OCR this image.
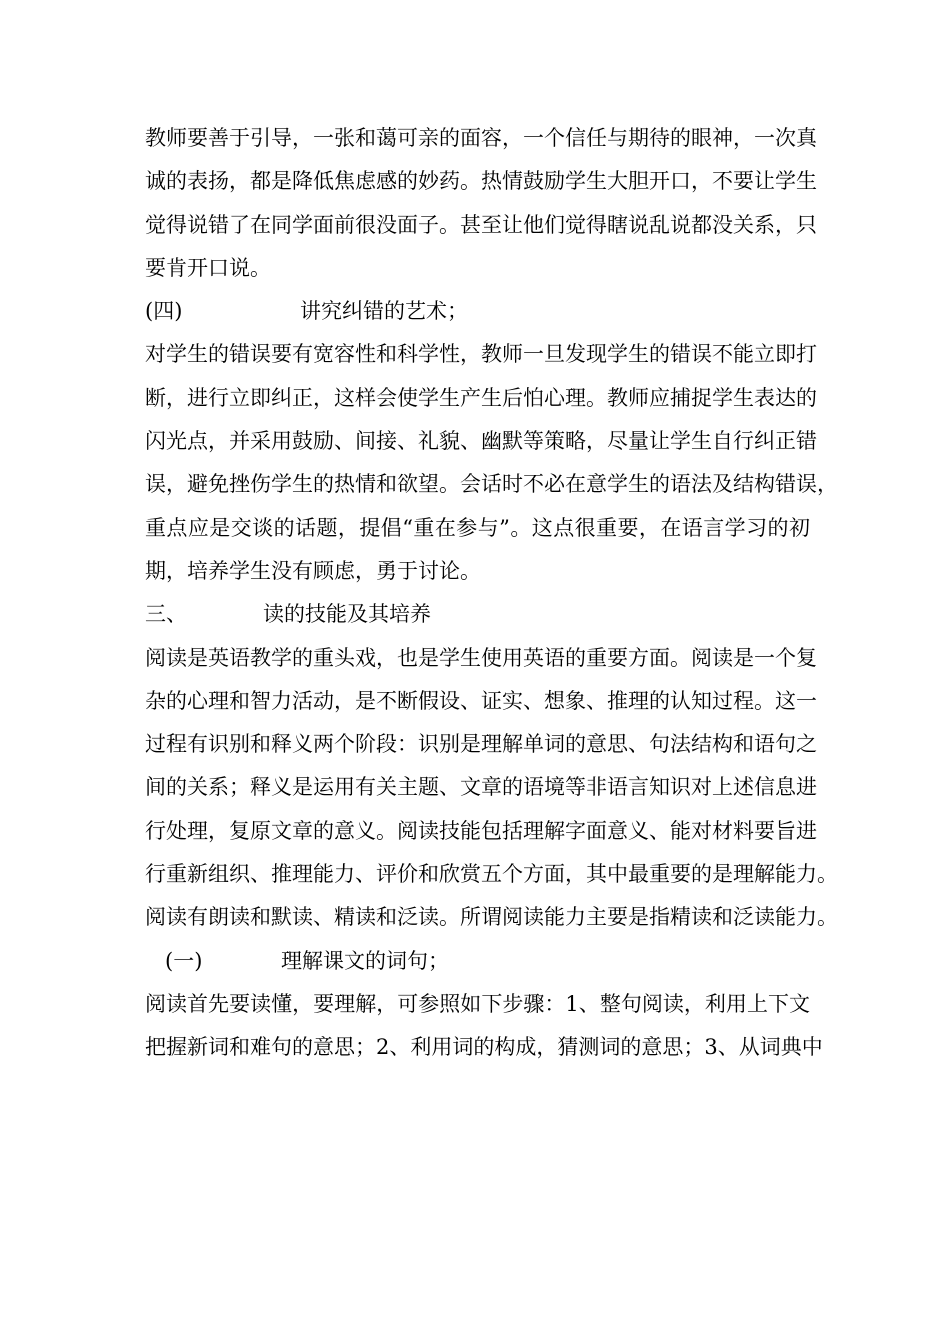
教师要善于引导，一张和蔼可亲的面容，一个信任与期待的眼神，一次真
诚的表扬，都是降低焦虑感的妙药。热情鼓励学生大胆开口，不要让学生
觉得说错了在同学面前很没面子。甚至让他们觉得瞎说乱说都没关系，只
要肯开口说。
(四)	讲究纠错的艺术；
对学生的错误要有宽容性和科学性，教师一旦发现学生的错误不能立即打
断，进行立即纠正，这样会使学生产生后怕心理。教师应捕捉学生表达的
闪光点，并采用鼓励、间接、礼貌、幽默等策略，尽量让学生自行纠正错
误，避免挫伤学生的热情和欲望。会话时不必在意学生的语法及结构错误，
重点应是交谈的话题，提倡“重在参与”。这点很重要，在语言学习的初
期，培养学生没有顾虑，勇于讨论。
三、	读的技能及其培养
阅读是英语教学的重头戏，也是学生使用英语的重要方面。阅读是一个复
杂的心理和智力活动，是不断假设、证实、想象、推理的认知过程。这一
过程有识别和释义两个阶段：识别是理解单词的意思、句法结构和语句之
间的关系；释义是运用有关主题、文章的语境等非语言知识对上述信息进
行处理，复原文章的意义。阅读技能包括理解字面意义、能对材料要旨进
行重新组织、推理能力、评价和欣赏五个方面，其中最重要的是理解能力。
阅读有朗读和默读、精读和泛读。所谓阅读能力主要是指精读和泛读能力。
(一)	理解课文的词句；
阅读首先要读懂，要理解，可参照如下步骤：1、整句阅读，利用上下文
把握新词和难句的意思；2、利用词的构成，猜测词的意思；3、从词典中
